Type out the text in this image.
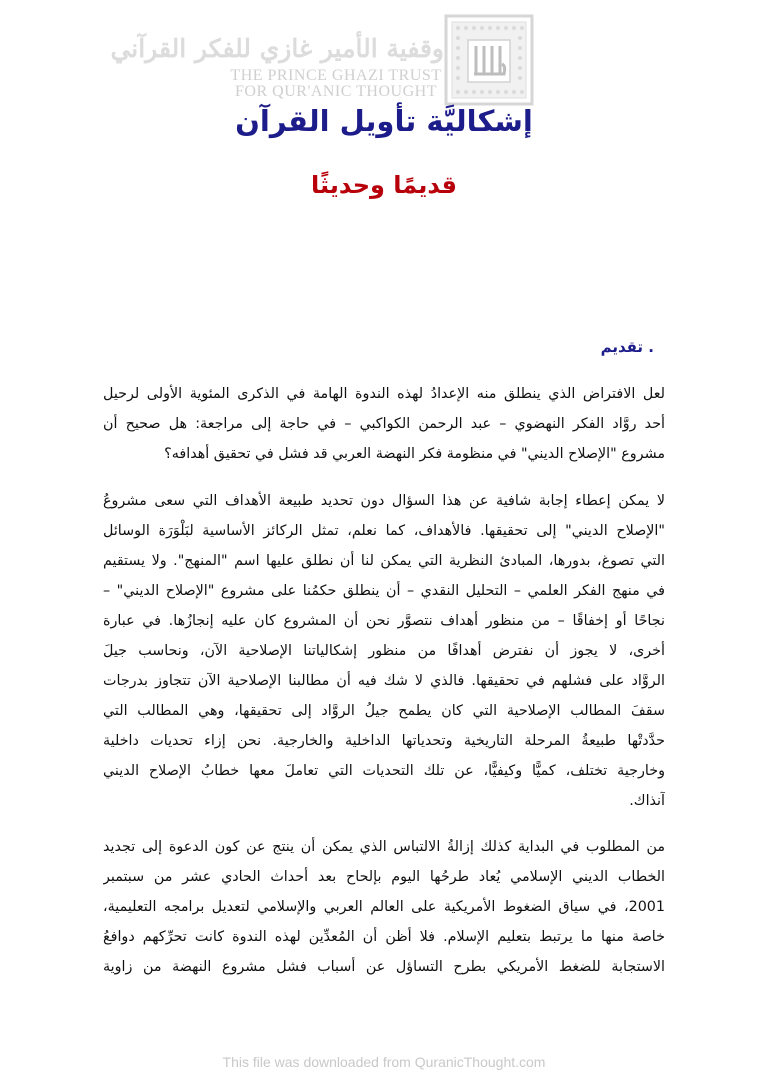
وقفية الأمير غازي للفكر القرآني
THE PRINCE GHAZI TRUST
FOR QUR'ANIC THOUGHT
إشكاليَّة تأويل القرآن
قديمًا وحديثًا
. تقديم
لعل الافتراض الذي ينطلق منه الإعدادُ لهذه الندوة الهامة في الذكرى المئوية الأولى لرحيل
أحد روَّاد الفكر النهضوي – عبد الرحمن الكواكبي – في حاجة إلى مراجعة: هل صحيح أن
مشروع "الإصلاح الديني" في منظومة فكر النهضة العربي قد فشل في تحقيق أهدافه؟
لا يمكن إعطاء إجابة شافية عن هذا السؤال دون تحديد طبيعة الأهداف التي سعى مشروعُ
"الإصلاح الديني" إلى تحقيقها. فالأهداف، كما نعلم، تمثل الركائز الأساسية لبَلْوَرَة الوسائل
التي تصوغ، بدورها، المبادئ النظرية التي يمكن لنا أن نطلق عليها اسم "المنهج". ولا يستقيم
في منهج الفكر العلمي – التحليل النقدي – أن ينطلق حكمُنا على مشروع "الإصلاح الديني" –
نجاحًا أو إخفاقًا – من منظور أهداف نتصوَّر نحن أن المشروع كان عليه إنجازُها. في عبارة
أخرى، لا يجوز أن نفترض أهدافًا من منظور إشكالياتنا الإصلاحية الآن، ونحاسب جيلَ
الروَّاد على فشلهم في تحقيقها. فالذي لا شك فيه أن مطالبنا الإصلاحية الآن تتجاوز بدرجات
سقفَ المطالب الإصلاحية التي كان يطمح جيلُ الروَّاد إلى تحقيقها، وهي المطالب التي
حدَّدتْها طبيعةُ المرحلة التاريخية وتحدياتها الداخلية والخارجية. نحن إزاء تحديات داخلية
وخارجية تختلف، كميًّا وكيفيًّا، عن تلك التحديات التي تعاملَ معها خطابُ الإصلاح الديني
آنذاك.
من المطلوب في البداية كذلك إزالةُ الالتباس الذي يمكن أن ينتج عن كون الدعوة إلى تجديد
الخطاب الديني الإسلامي يُعاد طرحُها اليوم بإلحاح بعد أحداث الحادي عشر من سبتمبر
2001، في سياق الضغوط الأمريكية على العالم العربي والإسلامي لتعديل برامجه التعليمية،
خاصة منها ما يرتبط بتعليم الإسلام. فلا أظن أن المُعدِّين لهذه الندوة كانت تحرِّكهم دوافعُ
الاستجابة للضغط الأمريكي بطرح التساؤل عن أسباب فشل مشروع النهضة من زاوية
This file was downloaded from QuranicThought.com
